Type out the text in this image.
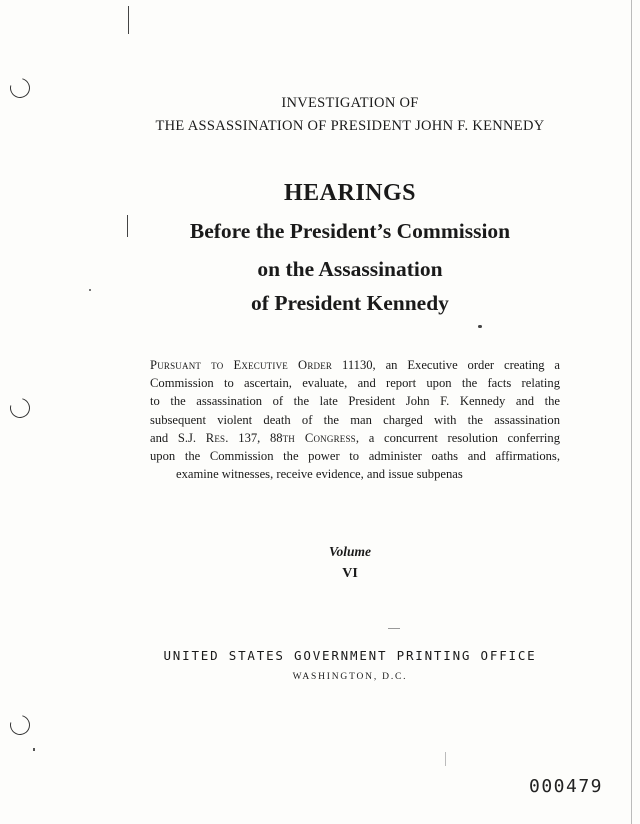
INVESTIGATION OF
THE ASSASSINATION OF PRESIDENT JOHN F. KENNEDY
HEARINGS
Before the President’s Commission
on the Assassination
of President Kennedy
Pursuant to Executive Order 11130, an Executive order creating a
Commission to ascertain, evaluate, and report upon the facts relating
to the assassination of the late President John F. Kennedy and the
subsequent violent death of the man charged with the assassination
and S.J. Res. 137, 88th Congress, a concurrent resolution conferring
upon the Commission the power to administer oaths and affirmations,
examine witnesses, receive evidence, and issue subpenas
Volume
VI
UNITED STATES GOVERNMENT PRINTING OFFICE
WASHINGTON, D.C.
000479
